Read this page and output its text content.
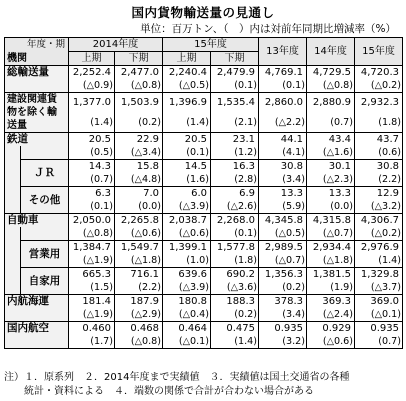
国内貨物輸送量の見通し
単位：百万トン、（　）内は対前年同期比増減率（%）
年度・期
機関		2014年度		15年度		13年度	14年度	15年度
		上期	下期	上期	下期			
総輸送量		2,252.4	2,477.0	2,240.4	2,479.9	4,769.1	4,729.5	4,720.3
		(△0.9)	(△0.8)	(△0.5)	(0.1)	(0.1)	(△0.8)	(△0.2)
建設関連貨物を除く輸送量		1,377.0	1,503.9	1,396.9	1,535.4	2,860.0	2,880.9	2,932.3
		(1.4)	(0.2)	(1.4)	(2.1)	(△2.2)	(0.7)	(1.8)
鉄道		20.5	22.9	20.5	23.1	44.1	43.4	43.7
		(0.5)	(△3.4)	(0.1)	(1.2)	(4.1)	(△1.6)	(0.6)
	ＪＲ	14.3	15.8	14.5	16.3	30.8	30.1	30.8
		(0.7)	(△4.8)	(1.6)	(2.8)	(3.4)	(△2.3)	(2.2)
	その他	6.3	7.0	6.0	6.9	13.3	13.3	12.9
		(0.1)	(0.0)	(△3.9)	(△2.6)	(5.9)	(0.0)	(△3.2)
自動車		2,050.0	2,265.8	2,038.7	2,268.0	4,345.8	4,315.8	4,306.7
		(△0.8)	(△0.6)	(△0.6)	(0.1)	(△0.5)	(△0.7)	(△0.2)
	営業用	1,384.7	1,549.7	1,399.1	1,577.8	2,989.5	2,934.4	2,976.9
		(△1.9)	(△1.8)	(1.0)	(1.8)	(△0.7)	(△1.8)	(1.4)
	自家用	665.3	716.1	639.6	690.2	1,356.3	1,381.5	1,329.8
		(1.5)	(2.2)	(△3.9)	(△3.6)	(0.2)	(1.9)	(△3.7)
内航海運		181.4	187.9	180.8	188.3	378.3	369.3	369.0
		(△1.9)	(△2.9)	(△0.4)	(0.2)	(3.4)	(△2.4)	(△0.1)
国内航空		0.460	0.468	0.464	0.475	0.935	0.929	0.935
		(1.7)	(△0.8)	(△0.1)	(1.4)	(3.2)	(△0.6)	(0.7)
注）１．原系列　２．2014年度まで実績値　３．実績値は国土交通省の各種
　　統計・資料による　４．端数の関係で合計が合わない場合がある
